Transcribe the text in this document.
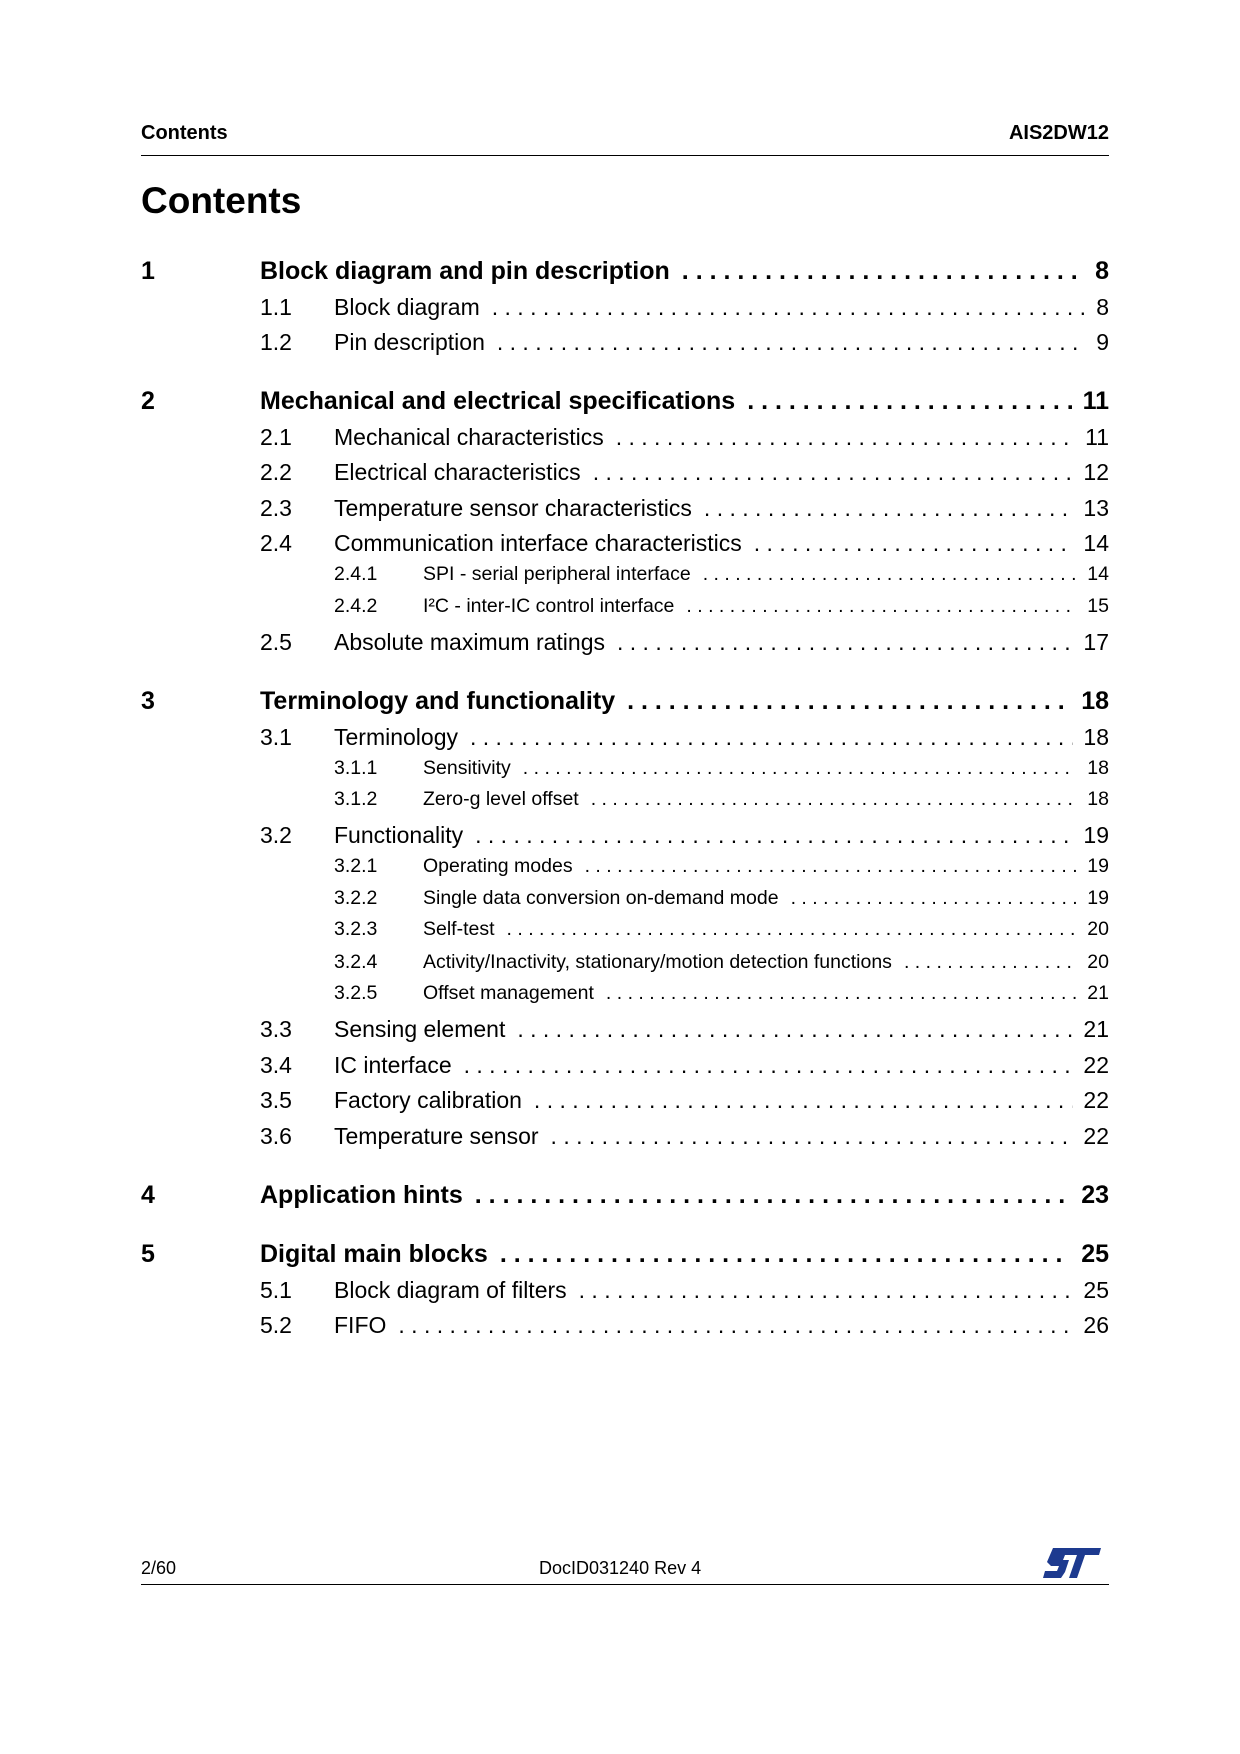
Contents	AIS2DW12
Contents
1	Block diagram and pin description . . .	8
1.1 Block diagram . . .	8
1.2 Pin description . . .	9
2	Mechanical and electrical specifications . . .	11
2.1 Mechanical characteristics . . .	11
2.2 Electrical characteristics . . .	12
2.3 Temperature sensor characteristics . . .	13
2.4 Communication interface characteristics . . .	14
2.4.1 SPI - serial peripheral interface . . .	14
2.4.2 I²C - inter-IC control interface . . .	15
2.5 Absolute maximum ratings . . .	17
3	Terminology and functionality . . .	18
3.1 Terminology . . .	18
3.1.1 Sensitivity . . .	18
3.1.2 Zero-g level offset . . .	18
3.2 Functionality . . .	19
3.2.1 Operating modes . . .	19
3.2.2 Single data conversion on-demand mode . . .	19
3.2.3 Self-test . . .	20
3.2.4 Activity/Inactivity, stationary/motion detection functions . . .	20
3.2.5 Offset management . . .	21
3.3 Sensing element . . .	21
3.4 IC interface . . .	22
3.5 Factory calibration . . .	22
3.6 Temperature sensor . . .	22
4	Application hints . . .	23
5	Digital main blocks . . .	25
5.1 Block diagram of filters . . .	25
5.2 FIFO . . .	26
2/60	DocID031240 Rev 4
